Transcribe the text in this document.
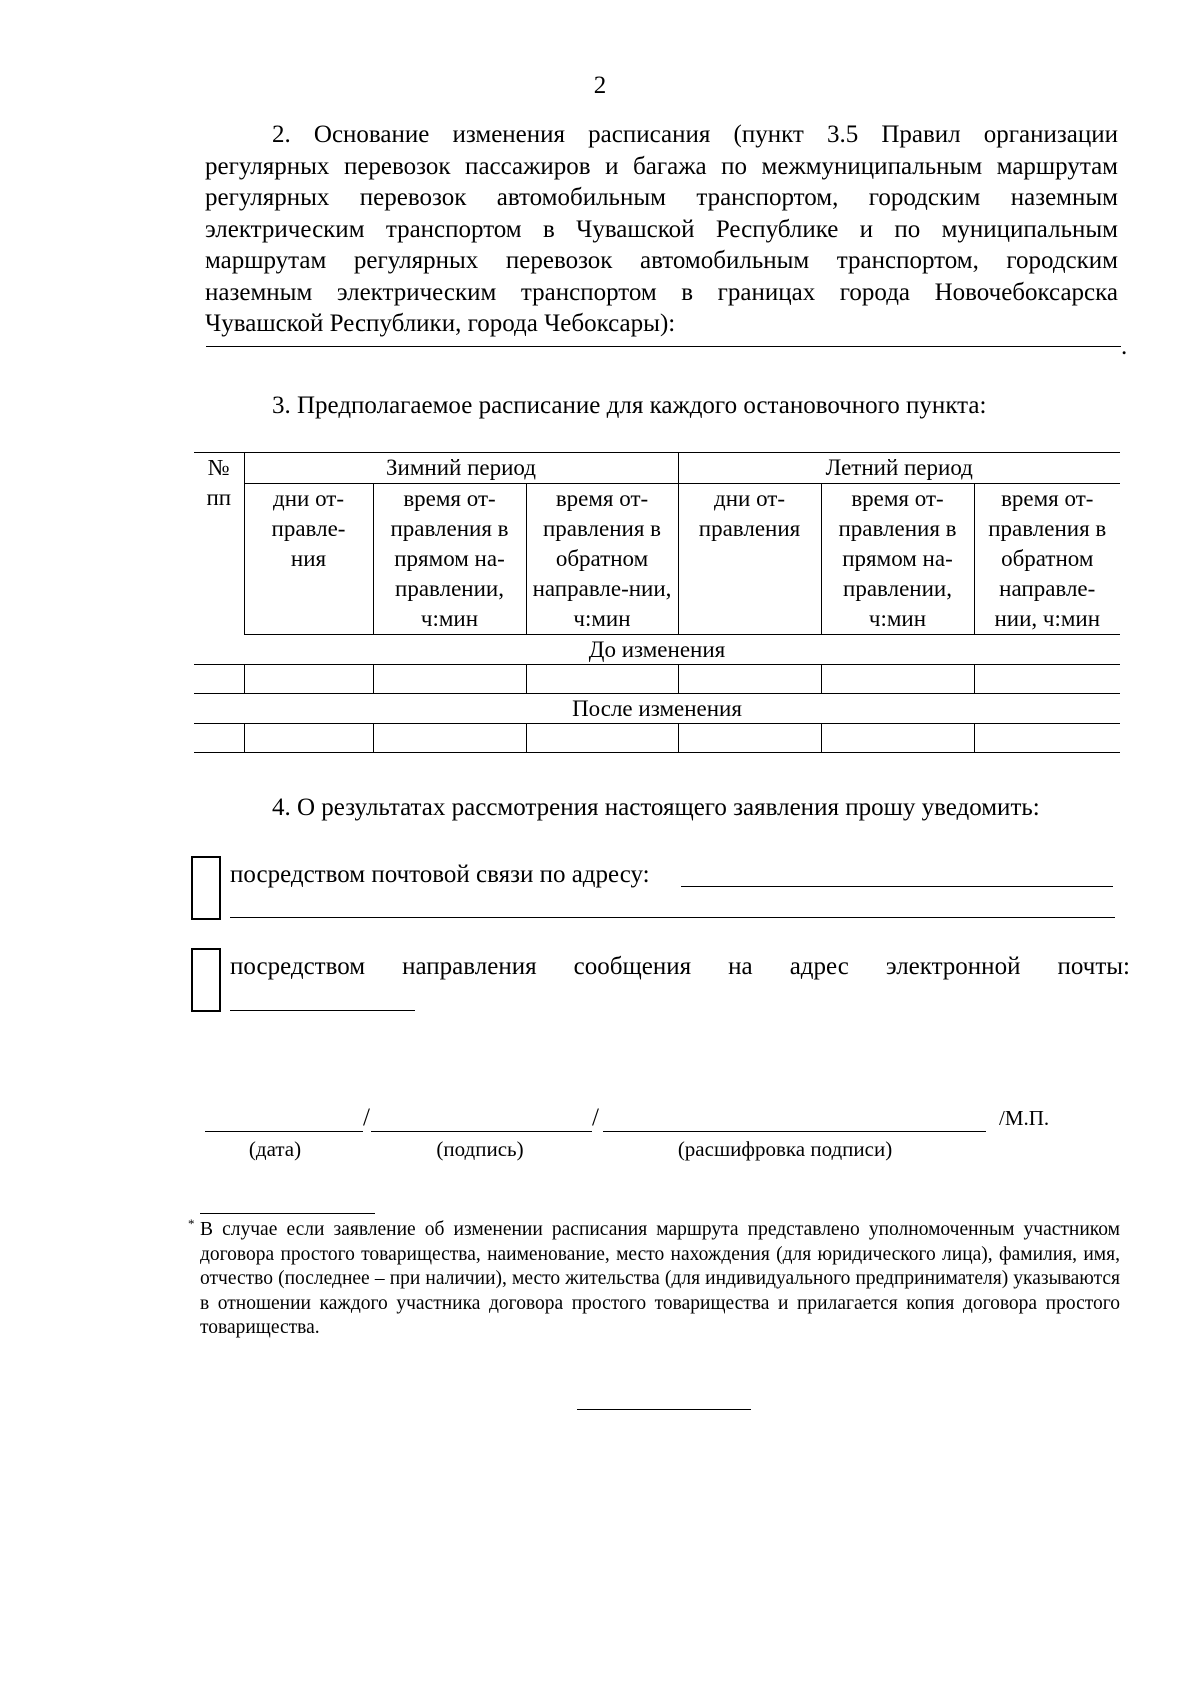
2

2. Основание изменения расписания (пункт 3.5 Правил организации регулярных перевозок пассажиров и багажа по межмуниципальным маршрутам регулярных перевозок автомобильным транспортом, городским наземным электрическим транспортом в Чувашской Республике и по муниципальным маршрутам регулярных перевозок автомобильным транспортом, городским наземным электрическим транспортом в границах города Новочебоксарска Чувашской Республики, города Чебоксары):

.

3. Предполагаемое расписание для каждого остановочного пункта:

№ пп	Зимний период			Летний период		
	дни от-правле-ния	время от-правления в прямом на-правлении, ч:мин	время от-правления в обратном направле-нии, ч:мин	дни от-правления	время от-правления в прямом на-правлении, ч:мин	время от-правления в обратном направле-нии, ч:мин
До изменения						

После изменения						

4. О результатах рассмотрения настоящего заявления прошу уведомить:

посредством почтовой связи по адресу:
посредством направления сообщения на адрес электронной почты:
/	/	/М.П.
(дата)	(подпись)	(расшифровка подписи)

* В случае если заявление об изменении расписания маршрута представлено уполномоченным участником договора простого товарищества, наименование, место нахождения (для юридического лица), фамилия, имя, отчество (последнее – при наличии), место жительства (для индивидуального предпринимателя) указываются в отношении каждого участника договора простого товарищества и прилагается копия договора простого товарищества.
